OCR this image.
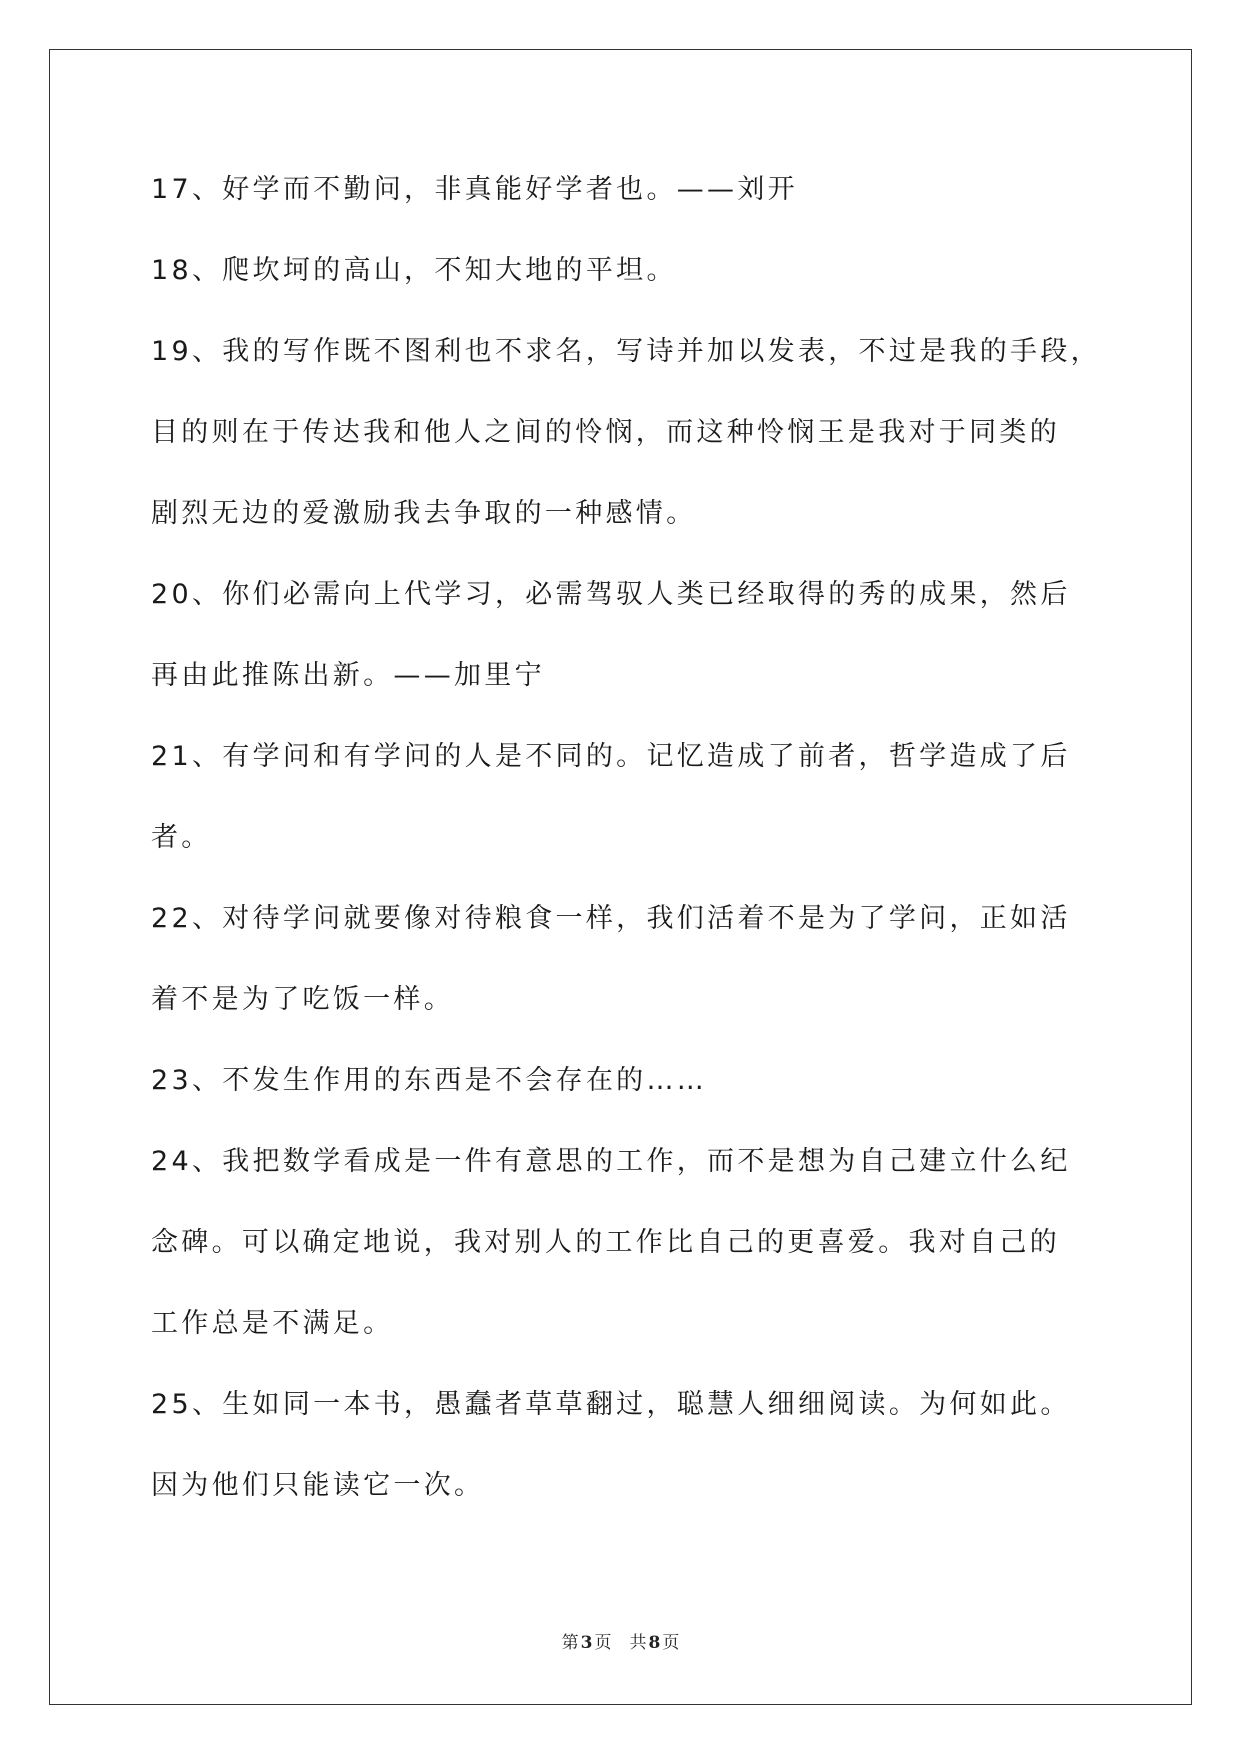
17、好学而不勤问，非真能好学者也。——刘开
18、爬坎坷的高山，不知大地的平坦。
19、我的写作既不图利也不求名，写诗并加以发表，不过是我的手段，
目的则在于传达我和他人之间的怜悯，而这种怜悯王是我对于同类的
剧烈无边的爱激励我去争取的一种感情。
20、你们必需向上代学习，必需驾驭人类已经取得的秀的成果，然后
再由此推陈出新。——加里宁
21、有学问和有学问的人是不同的。记忆造成了前者，哲学造成了后
者。
22、对待学问就要像对待粮食一样，我们活着不是为了学问，正如活
着不是为了吃饭一样。
23、不发生作用的东西是不会存在的……
24、我把数学看成是一件有意思的工作，而不是想为自己建立什么纪
念碑。可以确定地说，我对别人的工作比自己的更喜爱。我对自己的
工作总是不满足。
25、生如同一本书，愚蠢者草草翻过，聪慧人细细阅读。为何如此。
因为他们只能读它一次。
第 3 页 共 8 页
